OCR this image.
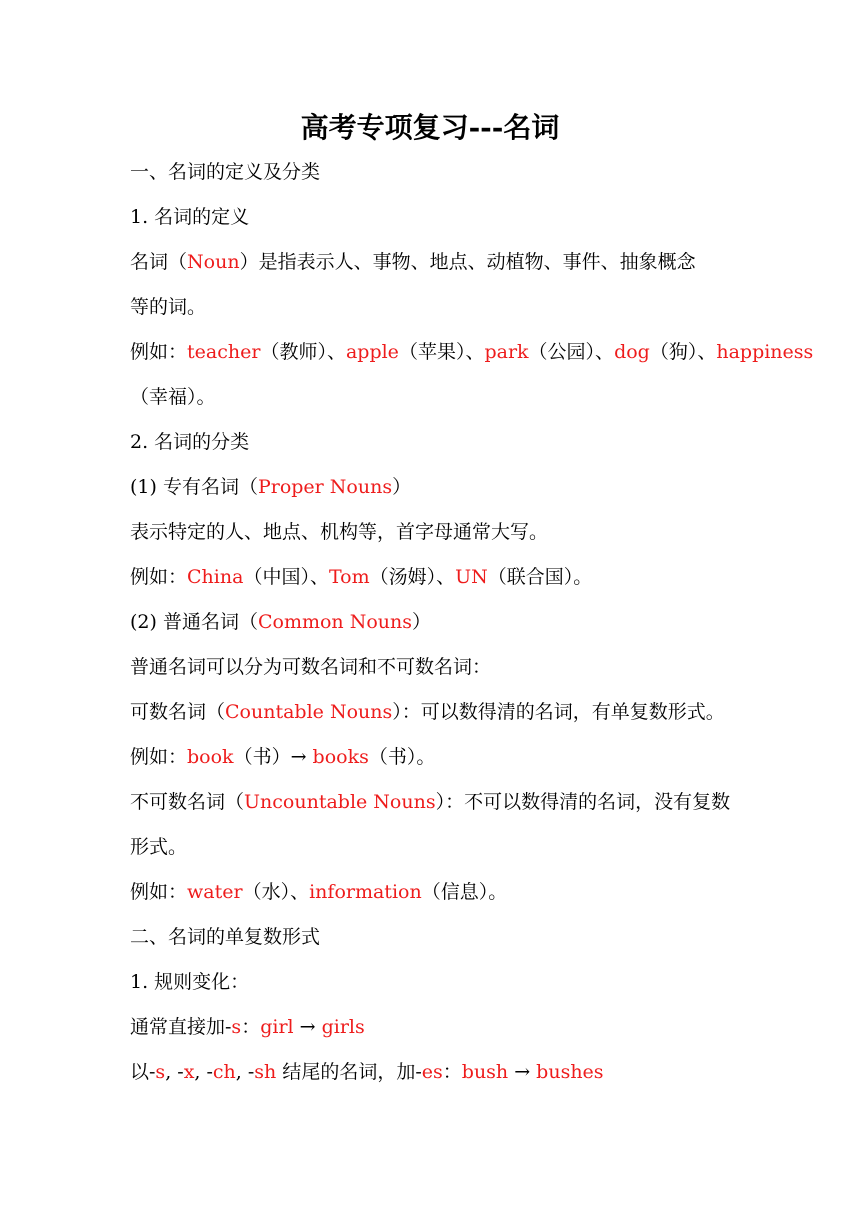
高考专项复习---名词
一、名词的定义及分类
1. 名词的定义
名词（Noun）是指表示人、事物、地点、动植物、事件、抽象概念
等的词。
例如：teacher（教师）、apple（苹果）、park（公园）、dog（狗）、happiness
（幸福）。
2. 名词的分类
(1) 专有名词（Proper Nouns）
表示特定的人、地点、机构等，首字母通常大写。
例如：China（中国）、Tom（汤姆）、UN（联合国）。
(2) 普通名词（Common Nouns）
普通名词可以分为可数名词和不可数名词：
可数名词（Countable Nouns）：可以数得清的名词，有单复数形式。
例如：book（书）→ books（书）。
不可数名词（Uncountable Nouns）：不可以数得清的名词，没有复数
形式。
例如：water（水）、information（信息）。
二、名词的单复数形式
1. 规则变化：
通常直接加-s：girl → girls
以-s, -x, -ch, -sh 结尾的名词，加-es：bush → bushes
